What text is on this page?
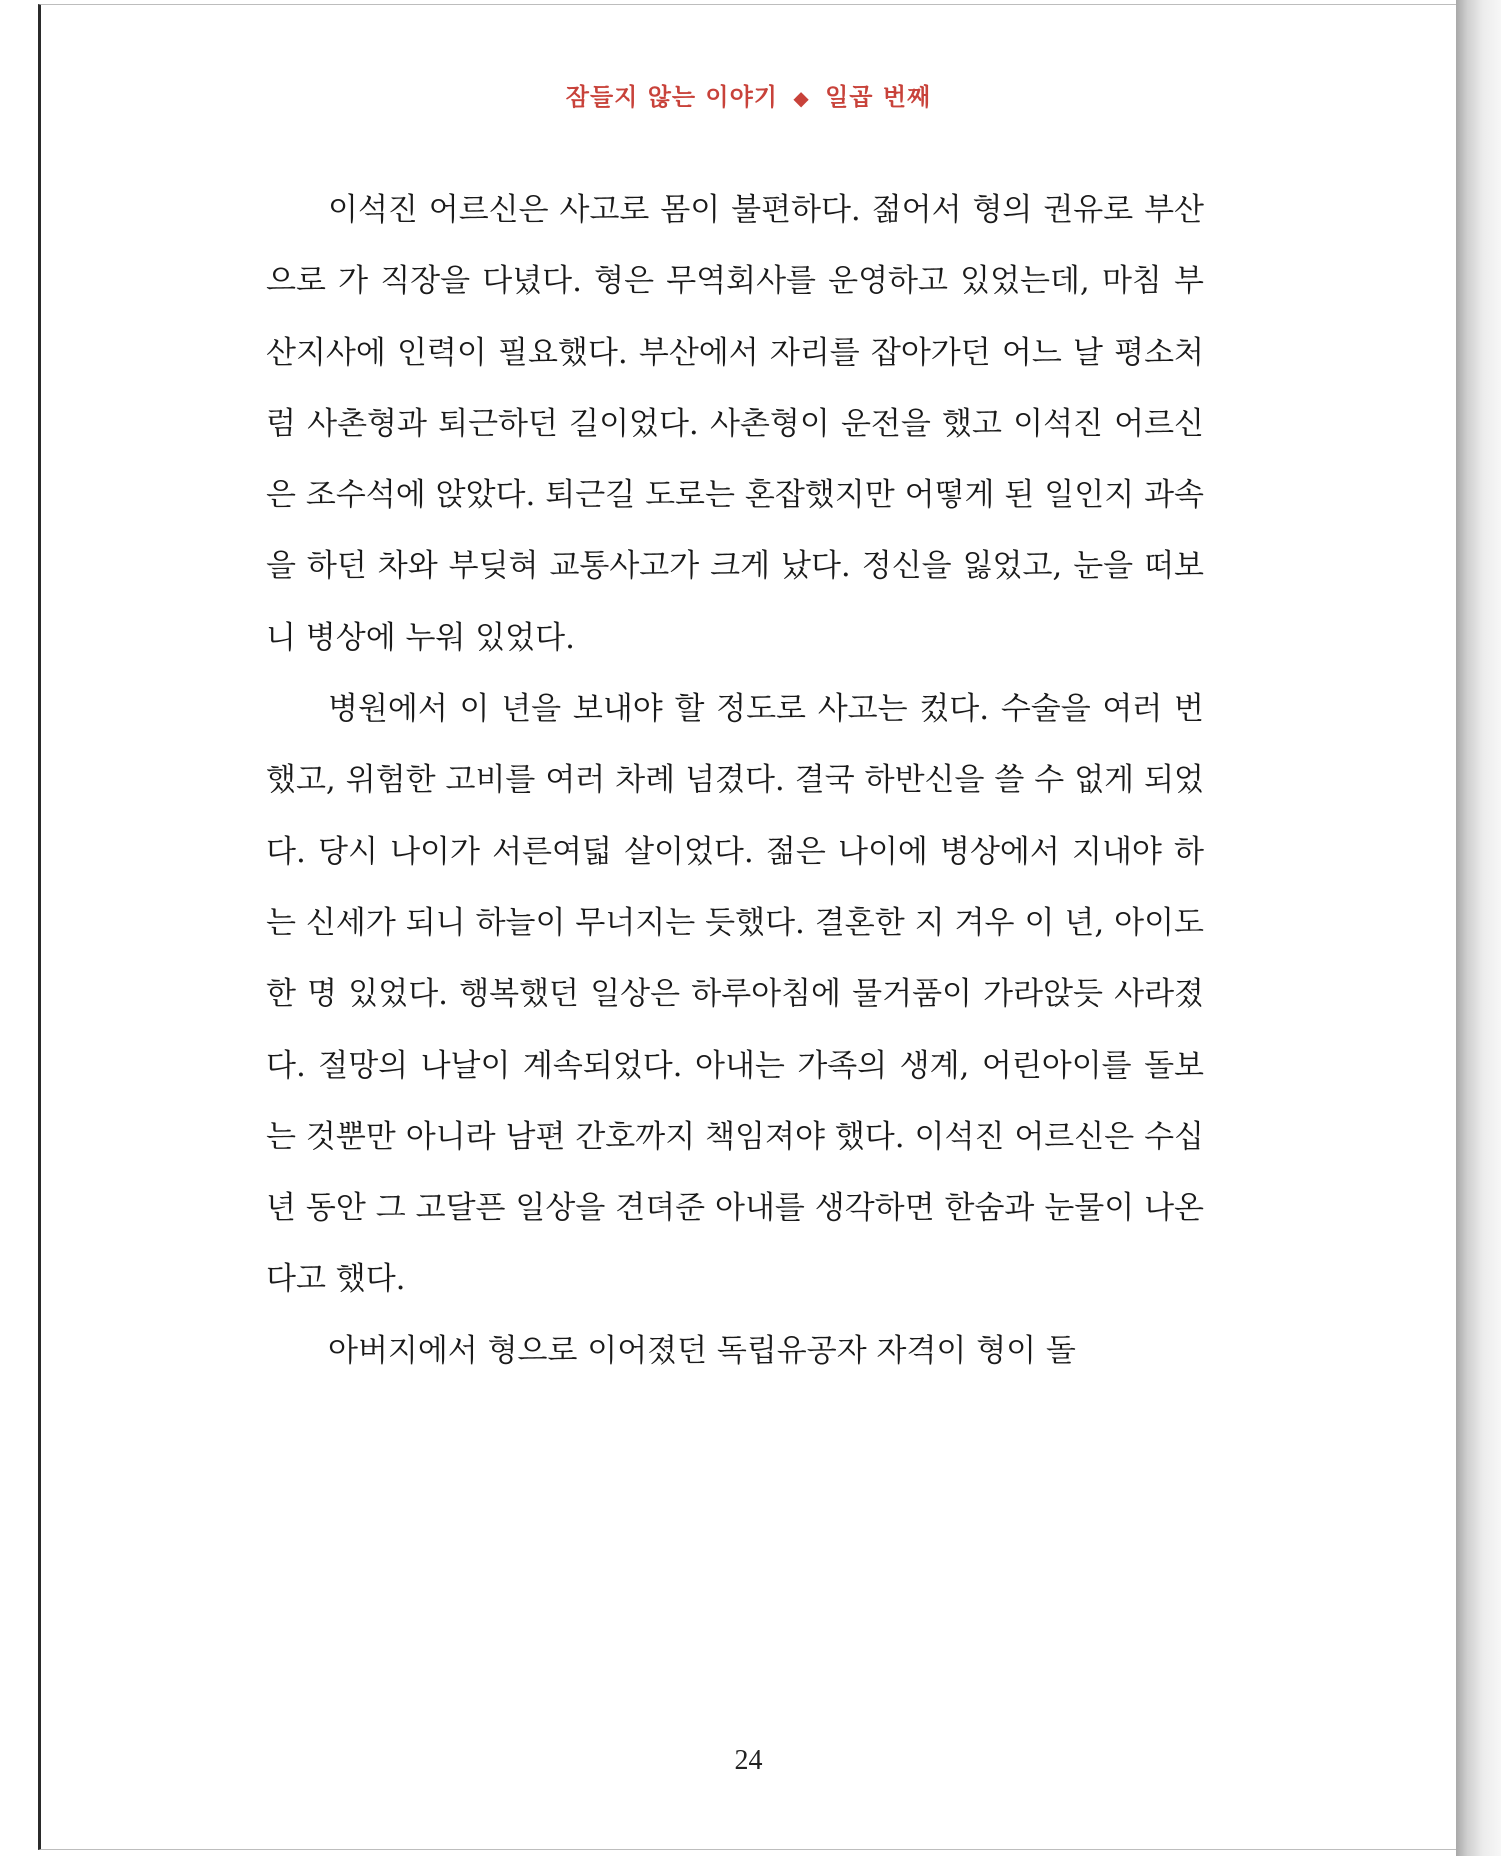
잠들지 않는 이야기 ◆ 일곱 번째

이석진 어르신은 사고로 몸이 불편하다. 젊어서 형의 권유로 부산으로 가 직장을 다녔다. 형은 무역회사를 운영하고 있었는데, 마침 부산지사에 인력이 필요했다. 부산에서 자리를 잡아가던 어느 날 평소처럼 사촌형과 퇴근하던 길이었다. 사촌형이 운전을 했고 이석진 어르신은 조수석에 앉았다. 퇴근길 도로는 혼잡했지만 어떻게 된 일인지 과속을 하던 차와 부딪혀 교통사고가 크게 났다. 정신을 잃었고, 눈을 떠보니 병상에 누워 있었다.

병원에서 이 년을 보내야 할 정도로 사고는 컸다. 수술을 여러 번 했고, 위험한 고비를 여러 차례 넘겼다. 결국 하반신을 쓸 수 없게 되었다. 당시 나이가 서른여덟 살이었다. 젊은 나이에 병상에서 지내야 하는 신세가 되니 하늘이 무너지는 듯했다. 결혼한 지 겨우 이 년, 아이도 한 명 있었다. 행복했던 일상은 하루아침에 물거품이 가라앉듯 사라졌다. 절망의 나날이 계속되었다. 아내는 가족의 생계, 어린아이를 돌보는 것뿐만 아니라 남편 간호까지 책임져야 했다. 이석진 어르신은 수십 년 동안 그 고달픈 일상을 견뎌준 아내를 생각하면 한숨과 눈물이 나온다고 했다.

아버지에서 형으로 이어졌던 독립유공자 자격이 형이 돌

24
